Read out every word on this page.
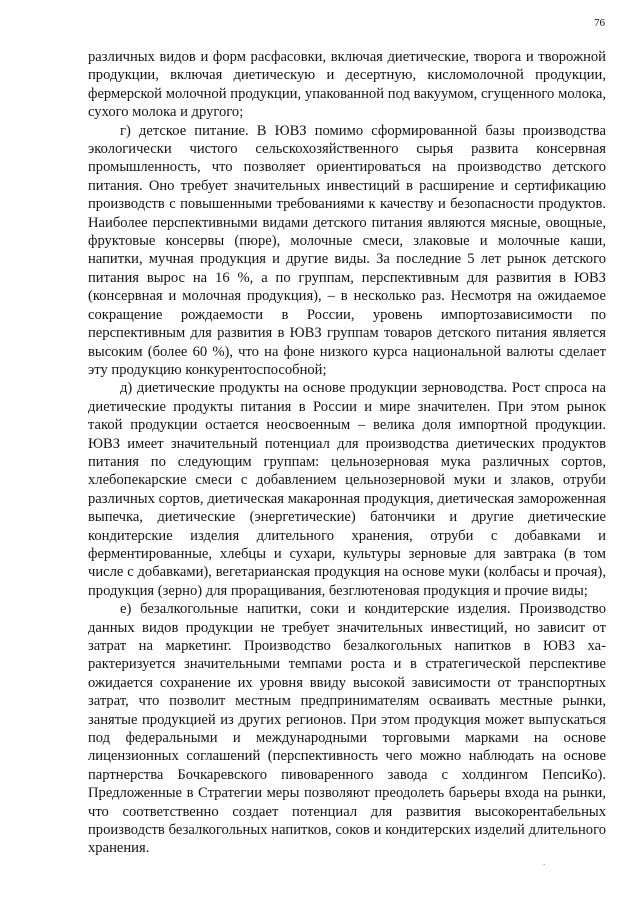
76

различных видов и форм расфасовки, включая диетические, творога и творожной продукции, включая диетическую и десертную, кисломолочной продукции, фермерской молочной продукции, упакованной под вакуумом, сгущенного молока, сухого молока и другого;

г) детское питание. В ЮВЗ помимо сформированной базы производства экологически чистого сельскохозяйственного сырья развита консервная промышленность, что позволяет ориентироваться на производство детского питания. Оно требует значительных инвестиций в расширение и сертификацию производств с повышенными требованиями к качеству и безопасности продуктов. Наиболее перспективными видами детского питания являются мясные, овощные, фруктовые консервы (пюре), молочные смеси, злаковые и молочные каши, напитки, мучная продукция и другие виды. За последние 5 лет рынок детского питания вырос на 16 %, а по группам, перспективным для развития в ЮВЗ (консервная и молочная продукция), – в несколько раз. Несмотря на ожидаемое сокращение рождаемости в России, уровень импортозависимости по перспективным для развития в ЮВЗ группам товаров детского питания является высоким (более 60 %), что на фоне низкого курса национальной валюты сделает эту продукцию конкурентоспособной;

д) диетические продукты на основе продукции зерноводства. Рост спроса на диетические продукты питания в России и мире значителен. При этом рынок такой продукции остается неосвоенным – велика доля импортной продукции. ЮВЗ имеет значительный потенциал для производства диетических продуктов питания по следующим группам: цельнозерновая мука различных сортов, хлебопекарские смеси с добавлением цельнозерновой муки и злаков, отруби различных сортов, диетическая макаронная продукция, диетическая замороженная выпечка, диетические (энергетические) батончики и другие диетические кондитерские изделия длительного хранения, отруби с добавками и ферментированные, хлебцы и сухари, культуры зерновые для завтрака (в том числе с добавками), вегетарианская продукция на основе муки (колбасы и прочая), продукция (зерно) для проращивания, безглютеновая продукция и прочие виды;

е) безалкогольные напитки, соки и кондитерские изделия. Производство данных видов продукции не требует значительных инвестиций, но зависит от затрат на маркетинг. Производство безалкогольных напитков в ЮВЗ характеризуется значительными темпами роста и в стратегической перспективе ожидается сохранение их уровня ввиду высокой зависимости от транспортных затрат, что позволит местным предпринимателям осваивать местные рынки, занятые продукцией из других регионов. При этом продукция может выпускаться под федеральными и международными торговыми марками на основе лицензионных соглашений (перспективность чего можно наблюдать на основе партнерства Бочкаревского пивоваренного завода с холдингом ПепсиКо). Предложенные в Стратегии меры позволяют преодолеть барьеры входа на рынки, что соответственно создает потенциал для развития высокорентабельных производств безалкогольных напитков, соков и кондитерских изделий длительного хранения.

.
